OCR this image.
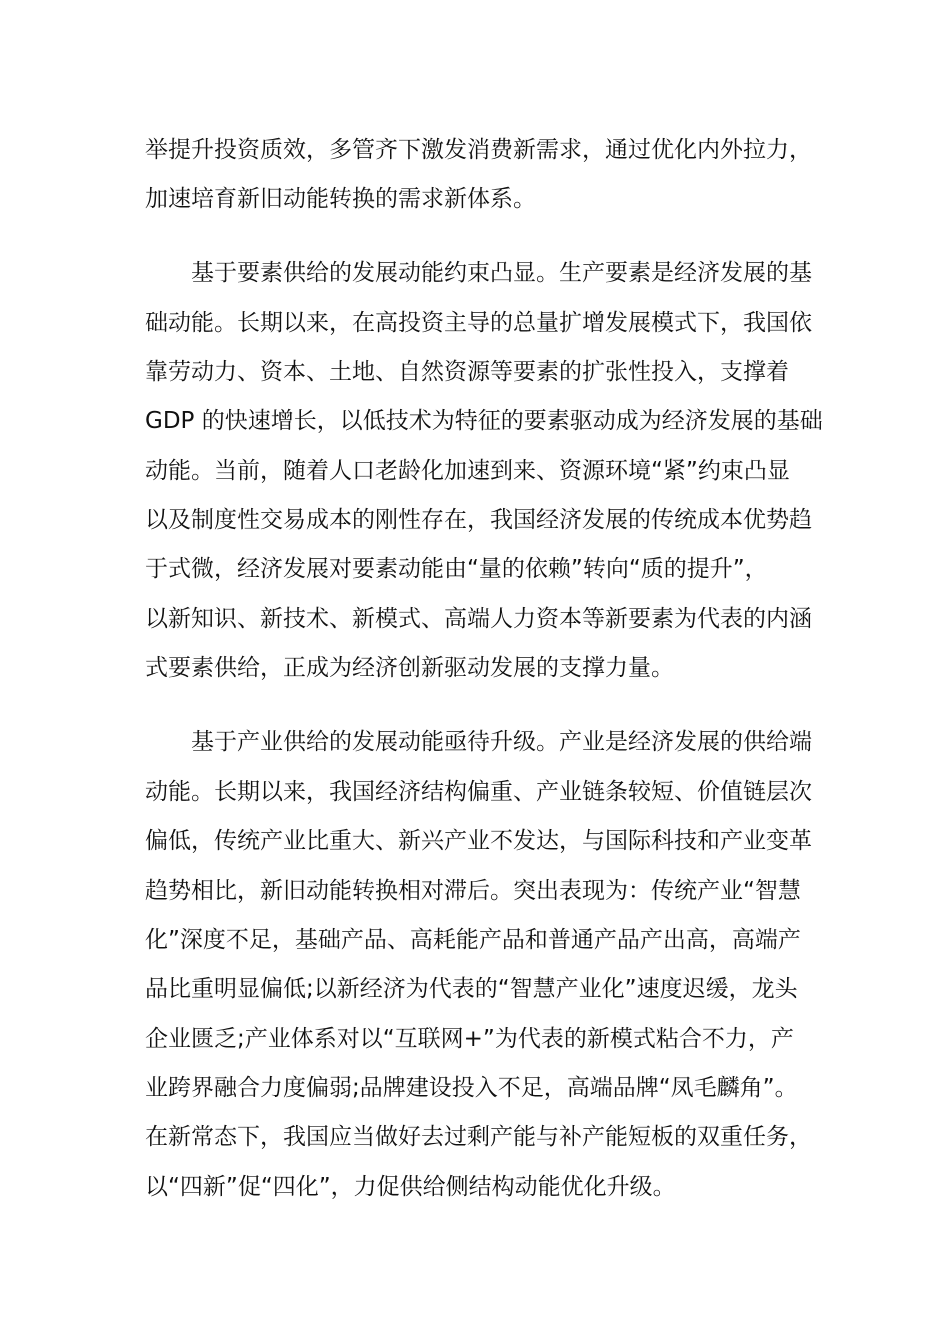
举提升投资质效，多管齐下激发消费新需求，通过优化内外拉力，

加速培育新旧动能转换的需求新体系。

基于要素供给的发展动能约束凸显。生产要素是经济发展的基

础动能。长期以来，在高投资主导的总量扩增发展模式下，我国依

靠劳动力、资本、土地、自然资源等要素的扩张性投入，支撑着

GDP 的快速增长，以低技术为特征的要素驱动成为经济发展的基础

动能。当前，随着人口老龄化加速到来、资源环境“紧”约束凸显

以及制度性交易成本的刚性存在，我国经济发展的传统成本优势趋

于式微，经济发展对要素动能由“量的依赖”转向“质的提升”，

以新知识、新技术、新模式、高端人力资本等新要素为代表的内涵

式要素供给，正成为经济创新驱动发展的支撑力量。

基于产业供给的发展动能亟待升级。产业是经济发展的供给端

动能。长期以来，我国经济结构偏重、产业链条较短、价值链层次

偏低，传统产业比重大、新兴产业不发达，与国际科技和产业变革

趋势相比，新旧动能转换相对滞后。突出表现为：传统产业“智慧

化”深度不足，基础产品、高耗能产品和普通产品产出高，高端产

品比重明显偏低;以新经济为代表的“智慧产业化”速度迟缓，龙头

企业匮乏;产业体系对以“互联网+”为代表的新模式粘合不力，产

业跨界融合力度偏弱;品牌建设投入不足，高端品牌“凤毛麟角”。

在新常态下，我国应当做好去过剩产能与补产能短板的双重任务，

以“四新”促“四化”，力促供给侧结构动能优化升级。
